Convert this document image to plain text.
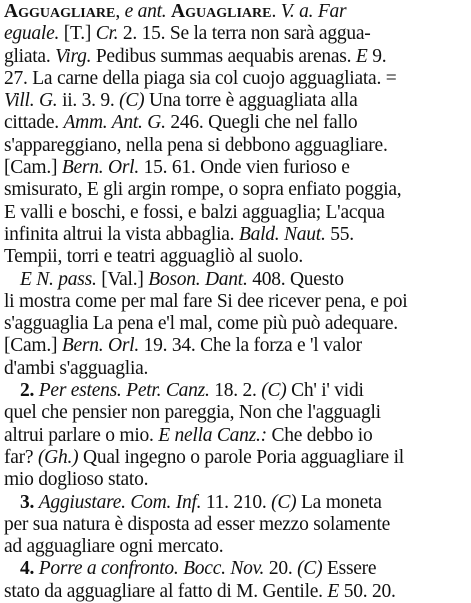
Agguagliare, e ant. Aguagliare. V. a. Far
eguale. [T.] Cr. 2. 15. Se la terra non sarà aggua-
gliata. Virg. Pedibus summas aequabis arenas. E 9.
27. La carne della piaga sia col cuojo agguagliata. =
Vill. G. ii. 3. 9. (C) Una torre è agguagliata alla
cittade. Amm. Ant. G. 246. Quegli che nel fallo
s'appareggiano, nella pena si debbono agguagliare.
[Cam.] Bern. Orl. 15. 61. Onde vien furioso e
smisurato, E gli argin rompe, o sopra enfiato poggia,
E valli e boschi, e fossi, e balzi agguaglia; L'acqua
infinita altrui la vista abbaglia. Bald. Naut. 55.
Tempii, torri e teatri agguagliò al suolo.
E N. pass. [Val.] Boson. Dant. 408. Questo
li mostra come per mal fare Si dee ricever pena, e poi
s'agguaglia La pena e'l mal, come più può adequare.
[Cam.] Bern. Orl. 19. 34. Che la forza e 'l valor
d'ambi s'agguaglia.
2. Per estens. Petr. Canz. 18. 2. (C) Ch' i' vidi
quel che pensier non pareggia, Non che l'agguagli
altrui parlare o mio. E nella Canz.: Che debbo io
far? (Gh.) Qual ingegno o parole Poria agguagliare il
mio doglioso stato.
3. Aggiustare. Com. Inf. 11. 210. (C) La moneta
per sua natura è disposta ad esser mezzo solamente
ad agguagliare ogni mercato.
4. Porre a confronto. Bocc. Nov. 20. (C) Essere
stato da agguagliare al fatto di M. Gentile. E 50. 20.
